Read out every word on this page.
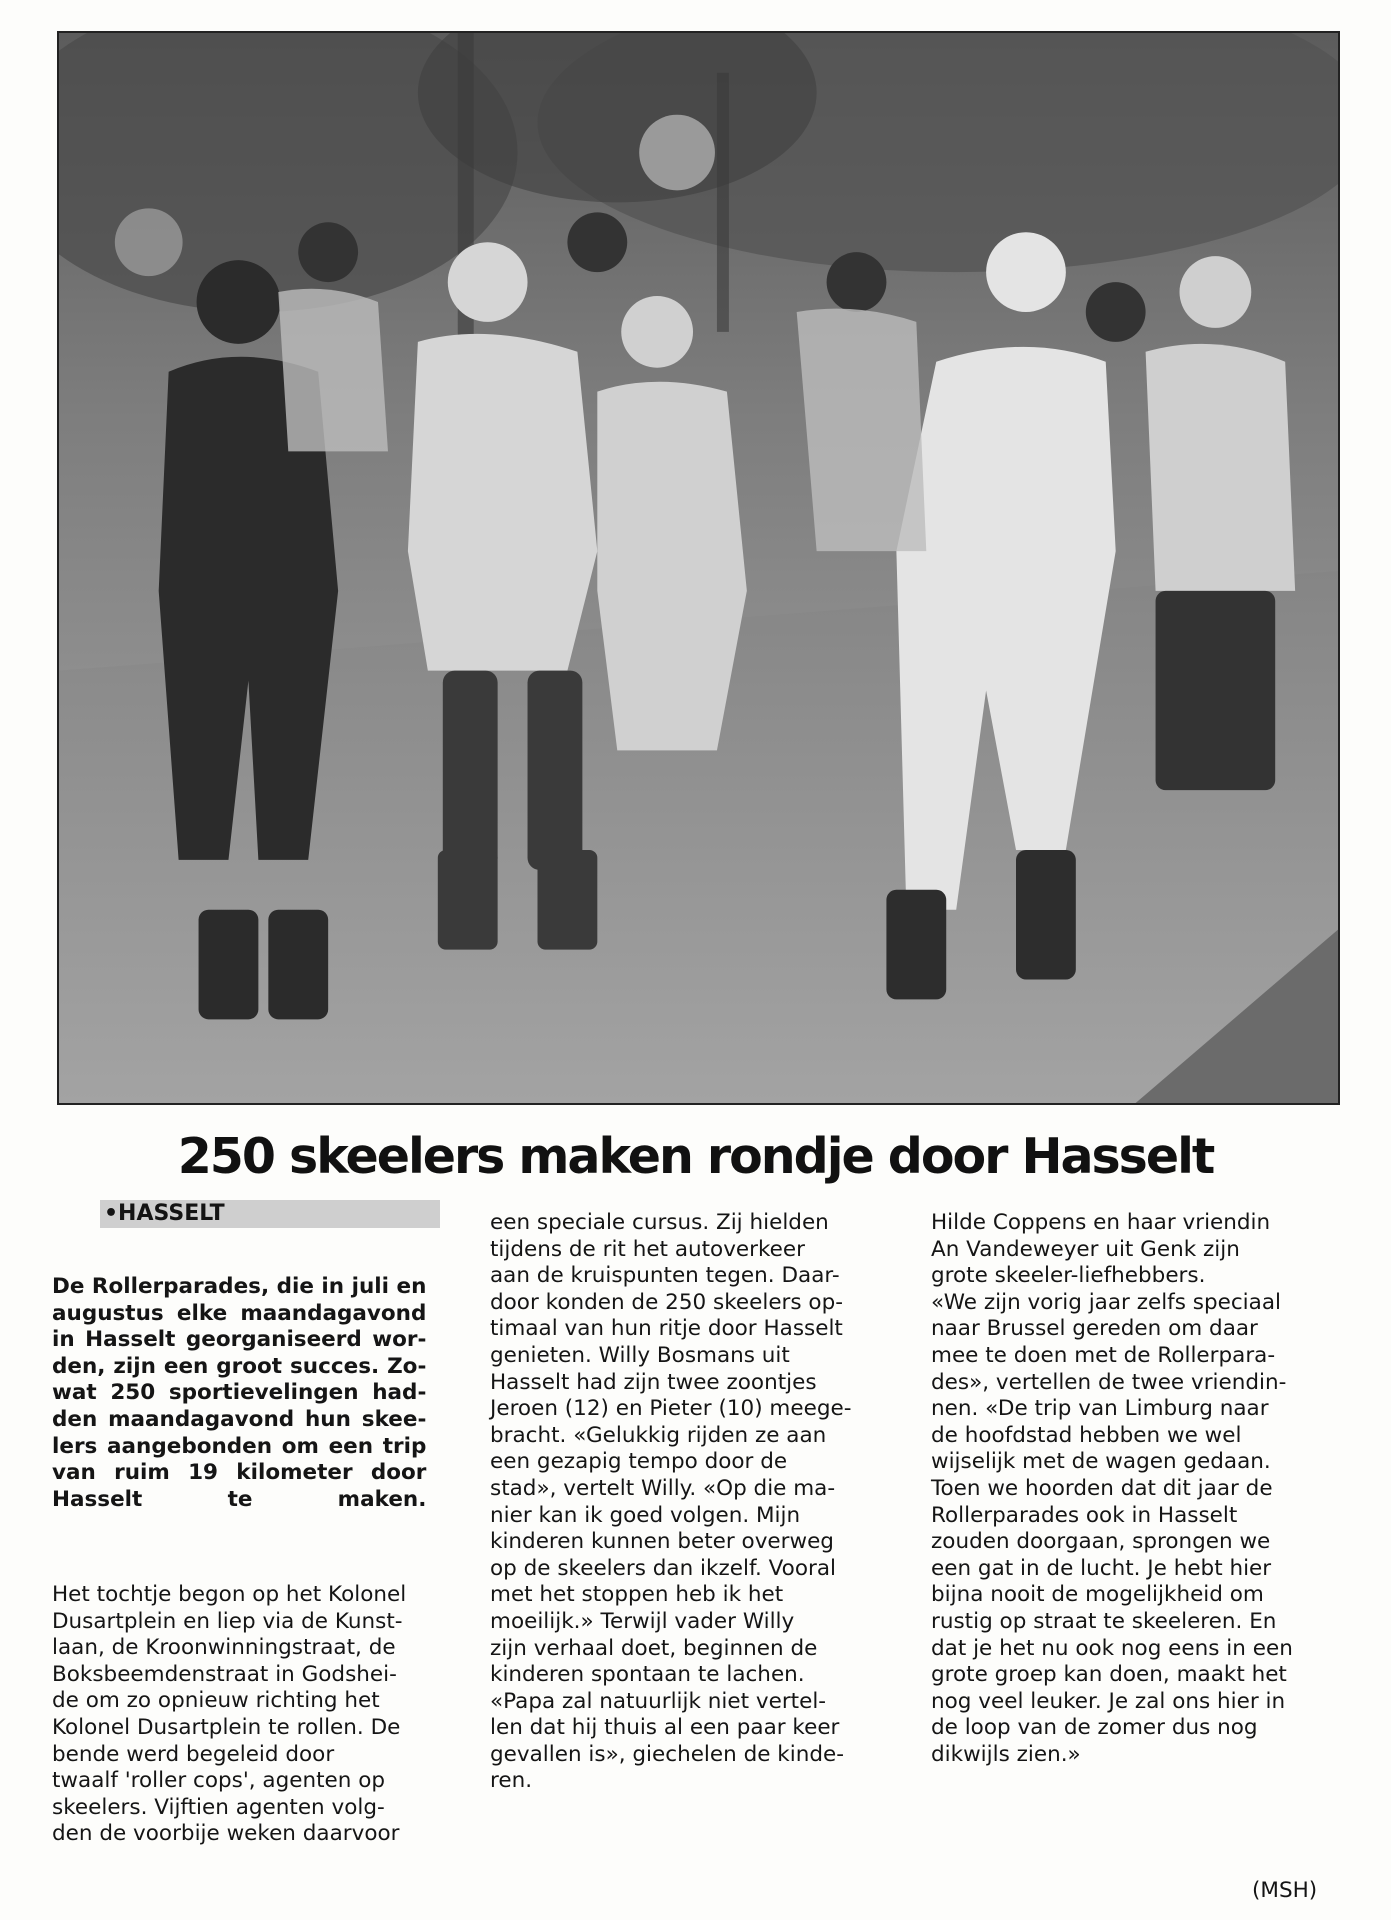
250 skeelers maken rondje door Hasselt
•HASSELT
De Rollerparades, die in juli en
augustus elke maandagavond
in Hasselt georganiseerd wor-
den, zijn een groot succes. Zo-
wat 250 sportievelingen had-
den maandagavond hun skee-
lers aangebonden om een trip
van ruim 19 kilometer door
Hasselt te maken.
Het tochtje begon op het Kolonel
Dusartplein en liep via de Kunst-
laan, de Kroonwinningstraat, de
Boksbeemdenstraat in Godshei-
de om zo opnieuw richting het
Kolonel Dusartplein te rollen. De
bende werd begeleid door
twaalf 'roller cops', agenten op
skeelers. Vijftien agenten volg-
den de voorbije weken daarvoor
een speciale cursus. Zij hielden
tijdens de rit het autoverkeer
aan de kruispunten tegen. Daar-
door konden de 250 skeelers op-
timaal van hun ritje door Hasselt
genieten. Willy Bosmans uit
Hasselt had zijn twee zoontjes
Jeroen (12) en Pieter (10) meege-
bracht. «Gelukkig rijden ze aan
een gezapig tempo door de
stad», vertelt Willy. «Op die ma-
nier kan ik goed volgen. Mijn
kinderen kunnen beter overweg
op de skeelers dan ikzelf. Vooral
met het stoppen heb ik het
moeilijk.» Terwijl vader Willy
zijn verhaal doet, beginnen de
kinderen spontaan te lachen.
«Papa zal natuurlijk niet vertel-
len dat hij thuis al een paar keer
gevallen is», giechelen de kinde-
ren.
Hilde Coppens en haar vriendin
An Vandeweyer uit Genk zijn
grote skeeler-liefhebbers.
«We zijn vorig jaar zelfs speciaal
naar Brussel gereden om daar
mee te doen met de Rollerpara-
des», vertellen de twee vriendin-
nen. «De trip van Limburg naar
de hoofdstad hebben we wel
wijselijk met de wagen gedaan.
Toen we hoorden dat dit jaar de
Rollerparades ook in Hasselt
zouden doorgaan, sprongen we
een gat in de lucht. Je hebt hier
bijna nooit de mogelijkheid om
rustig op straat te skeeleren. En
dat je het nu ook nog eens in een
grote groep kan doen, maakt het
nog veel leuker. Je zal ons hier in
de loop van de zomer dus nog
dikwijls zien.»
(MSH)
